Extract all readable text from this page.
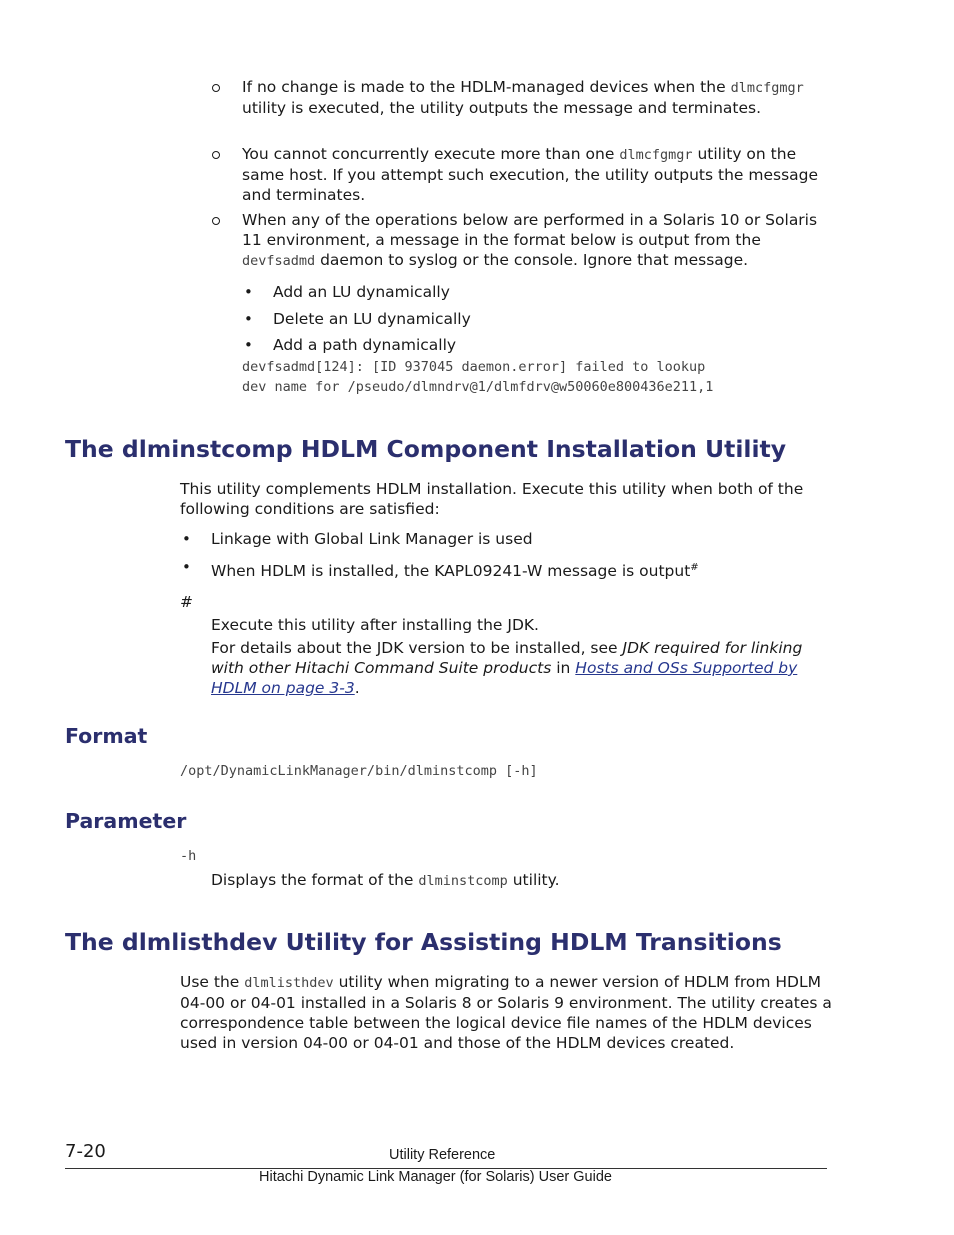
If no change is made to the HDLM-managed devices when the dlmcfgmgr utility is executed, the utility outputs the message and terminates.

You cannot concurrently execute more than one dlmcfgmgr utility on the same host. If you attempt such execution, the utility outputs the message and terminates.

When any of the operations below are performed in a Solaris 10 or Solaris 11 environment, a message in the format below is output from the devfsadmd daemon to syslog or the console. Ignore that message.

• Add an LU dynamically

• Delete an LU dynamically

• Add a path dynamically

devfsadmd[124]: [ID 937045 daemon.error] failed to lookup

dev name for /pseudo/dlmndrv@1/dlmfdrv@w50060e800436e211,1

The dlminstcomp HDLM Component Installation Utility

This utility complements HDLM installation. Execute this utility when both of the following conditions are satisfied:

• Linkage with Global Link Manager is used

• When HDLM is installed, the KAPL09241-W message is output#

#

Execute this utility after installing the JDK.

For details about the JDK version to be installed, see JDK required for linking with other Hitachi Command Suite products in Hosts and OSs Supported by HDLM on page 3-3.

Format

/opt/DynamicLinkManager/bin/dlminstcomp [-h]

Parameter

-h

Displays the format of the dlminstcomp utility.

The dlmlisthdev Utility for Assisting HDLM Transitions

Use the dlmlisthdev utility when migrating to a newer version of HDLM from HDLM 04-00 or 04-01 installed in a Solaris 8 or Solaris 9 environment. The utility creates a correspondence table between the logical device file names of the HDLM devices used in version 04-00 or 04-01 and those of the HDLM devices created.

7-20	Utility Reference

Hitachi Dynamic Link Manager (for Solaris) User Guide
